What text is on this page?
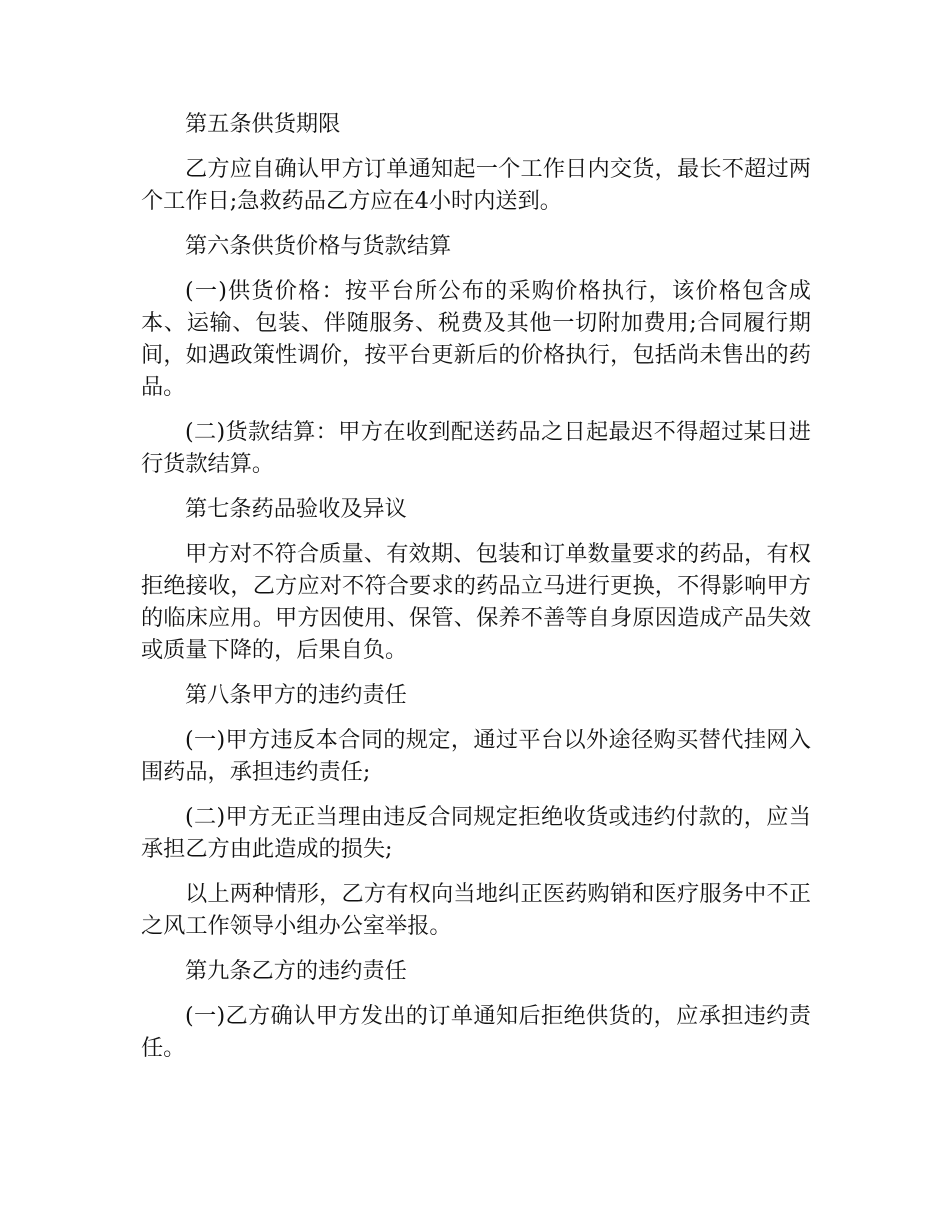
第五条供货期限

乙方应自确认甲方订单通知起一个工作日内交货，最长不超过两个工作日;急救药品乙方应在4小时内送到。

第六条供货价格与货款结算

(一)供货价格：按平台所公布的采购价格执行，该价格包含成本、运输、包装、伴随服务、税费及其他一切附加费用;合同履行期间，如遇政策性调价，按平台更新后的价格执行，包括尚未售出的药品。

(二)货款结算：甲方在收到配送药品之日起最迟不得超过某日进行货款结算。

第七条药品验收及异议

甲方对不符合质量、有效期、包装和订单数量要求的药品，有权拒绝接收，乙方应对不符合要求的药品立马进行更换，不得影响甲方的临床应用。甲方因使用、保管、保养不善等自身原因造成产品失效或质量下降的，后果自负。

第八条甲方的违约责任

(一)甲方违反本合同的规定，通过平台以外途径购买替代挂网入围药品，承担违约责任;

(二)甲方无正当理由违反合同规定拒绝收货或违约付款的，应当承担乙方由此造成的损失;

以上两种情形，乙方有权向当地纠正医药购销和医疗服务中不正之风工作领导小组办公室举报。

第九条乙方的违约责任

(一)乙方确认甲方发出的订单通知后拒绝供货的，应承担违约责任。
